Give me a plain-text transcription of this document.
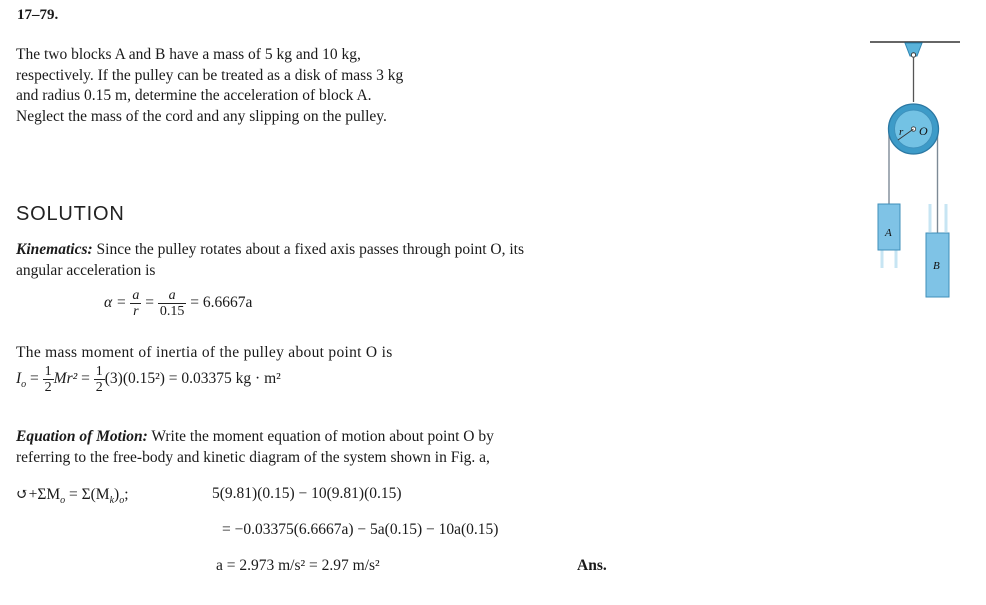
17–79.
The two blocks A and B have a mass of 5 kg and 10 kg,
respectively. If the pulley can be treated as a disk of mass 3 kg
and radius 0.15 m, determine the acceleration of block A.
Neglect the mass of the cord and any slipping on the pulley.
r O
A
B
SOLUTION
Kinematics: Since the pulley rotates about a fixed axis passes through point O, its
angular acceleration is
$\alpha = \frac{a}{r} = \frac{a}{0.15} = 6.6667a$
The mass moment of inertia of the pulley about point O is
$I_o = \frac{1}{2} Mr^2 = \frac{1}{2} (3)(0.15^2) = 0.03375$ kg · m²
Equation of Motion: Write the moment equation of motion about point O by
referring to the free-body and kinetic diagram of the system shown in Fig. a,
$↺+\Sigma M_o = \Sigma(M_k)_o$;	5(9.81)(0.15) − 10(9.81)(0.15)
= −0.03375(6.6667a) − 5a(0.15) − 10a(0.15)
a = 2.973 m/s² = 2.97 m/s²	Ans.
